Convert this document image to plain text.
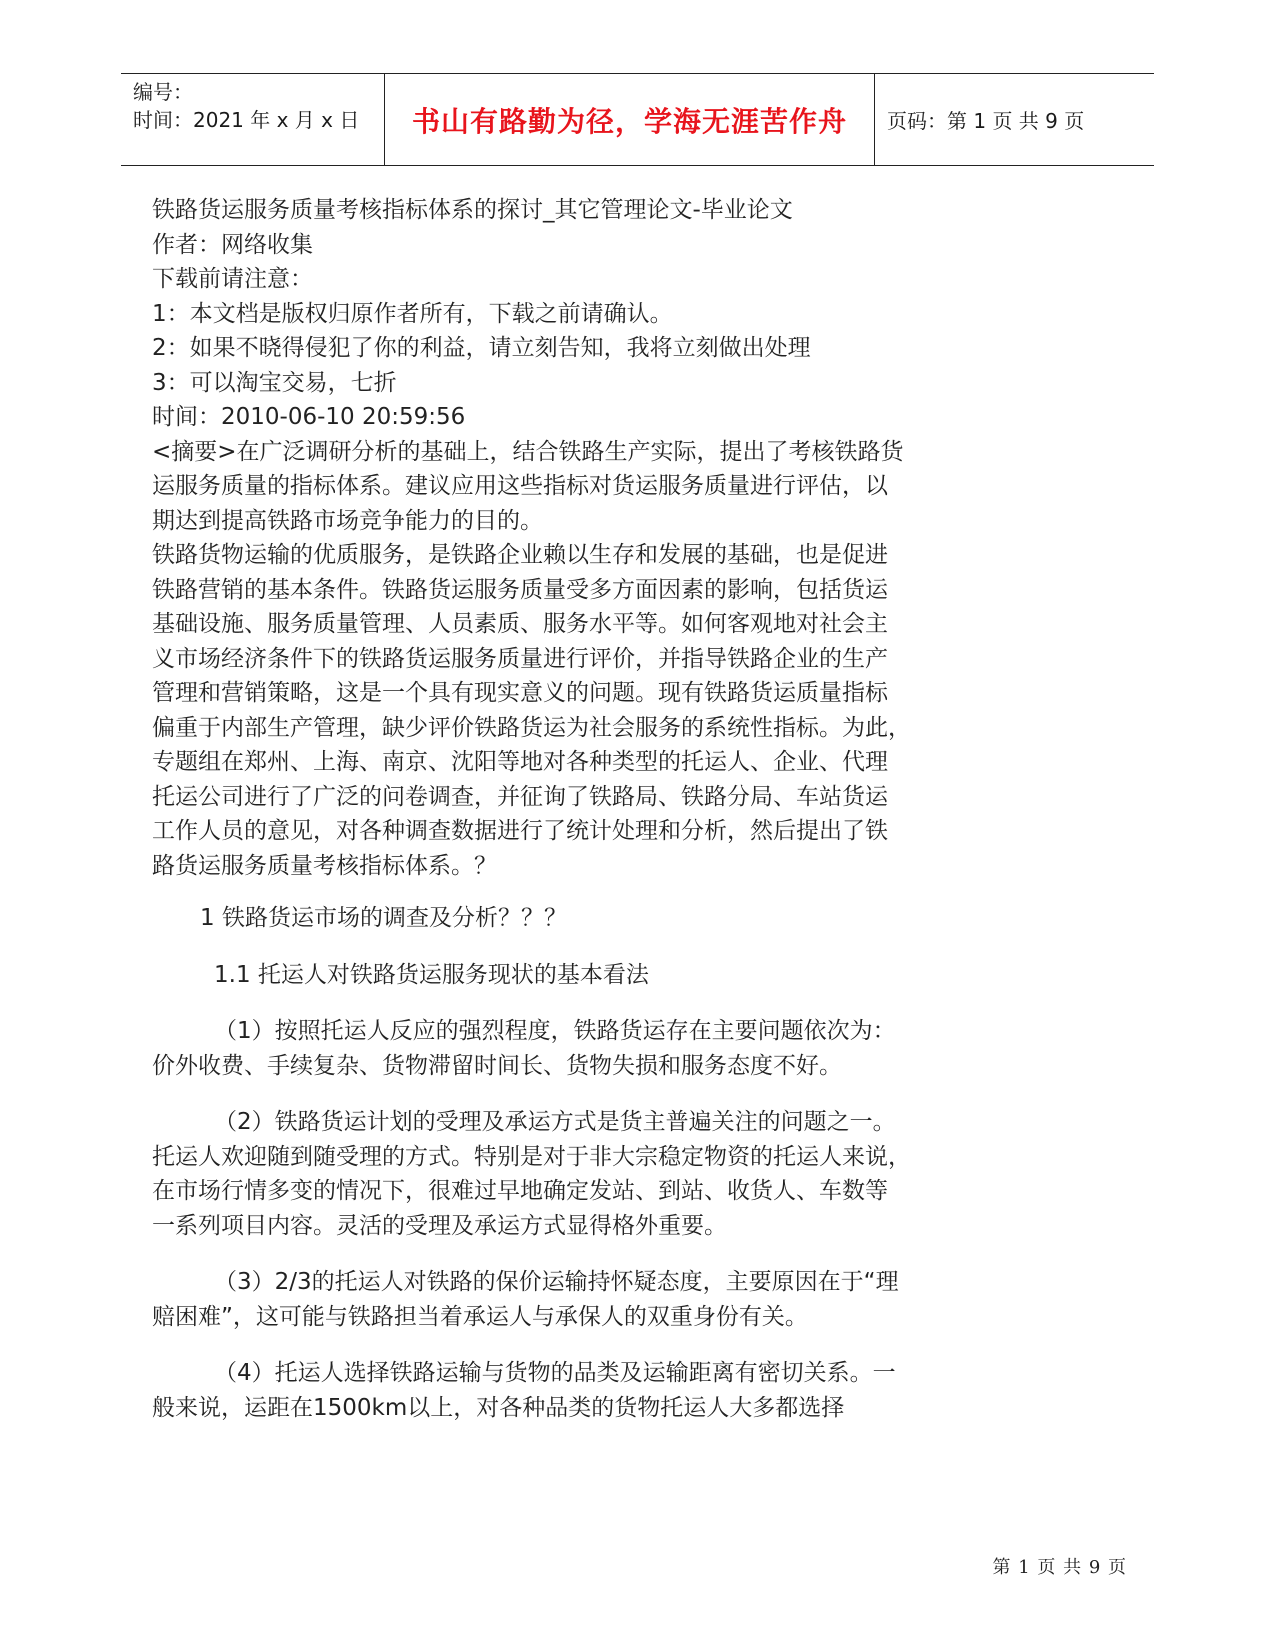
编号：
时间：2021 年 x 月 x 日	书山有路勤为径，学海无涯苦作舟 页码：第 1 页 共 9 页
铁路货运服务质量考核指标体系的探讨_其它管理论文-毕业论文
作者：网络收集
下载前请注意：
1：本文档是版权归原作者所有，下载之前请确认。
2：如果不晓得侵犯了你的利益，请立刻告知，我将立刻做出处理
3：可以淘宝交易，七折
时间：2010-06-10 20:59:56
<摘要>在广泛调研分析的基础上，结合铁路生产实际，提出了考核铁路货
运服务质量的指标体系。建议应用这些指标对货运服务质量进行评估，以
期达到提高铁路市场竞争能力的目的。
铁路货物运输的优质服务，是铁路企业赖以生存和发展的基础，也是促进
铁路营销的基本条件。铁路货运服务质量受多方面因素的影响，包括货运
基础设施、服务质量管理、人员素质、服务水平等。如何客观地对社会主
义市场经济条件下的铁路货运服务质量进行评价，并指导铁路企业的生产
管理和营销策略，这是一个具有现实意义的问题。现有铁路货运质量指标
偏重于内部生产管理，缺少评价铁路货运为社会服务的系统性指标。为此，
专题组在郑州、上海、南京、沈阳等地对各种类型的托运人、企业、代理
托运公司进行了广泛的问卷调查，并征询了铁路局、铁路分局、车站货运
工作人员的意见，对各种调查数据进行了统计处理和分析，然后提出了铁
路货运服务质量考核指标体系。？
1 铁路货运市场的调查及分析？？？
1.1 托运人对铁路货运服务现状的基本看法
（1）按照托运人反应的强烈程度，铁路货运存在主要问题依次为：
价外收费、手续复杂、货物滞留时间长、货物失损和服务态度不好。
（2）铁路货运计划的受理及承运方式是货主普遍关注的问题之一。
托运人欢迎随到随受理的方式。特别是对于非大宗稳定物资的托运人来说，
在市场行情多变的情况下，很难过早地确定发站、到站、收货人、车数等
一系列项目内容。灵活的受理及承运方式显得格外重要。
（3）2/3的托运人对铁路的保价运输持怀疑态度，主要原因在于“理
赔困难”，这可能与铁路担当着承运人与承保人的双重身份有关。
（4）托运人选择铁路运输与货物的品类及运输距离有密切关系。一
般来说，运距在1500km以上，对各种品类的货物托运人大多都选择
第 1 页 共 9 页
